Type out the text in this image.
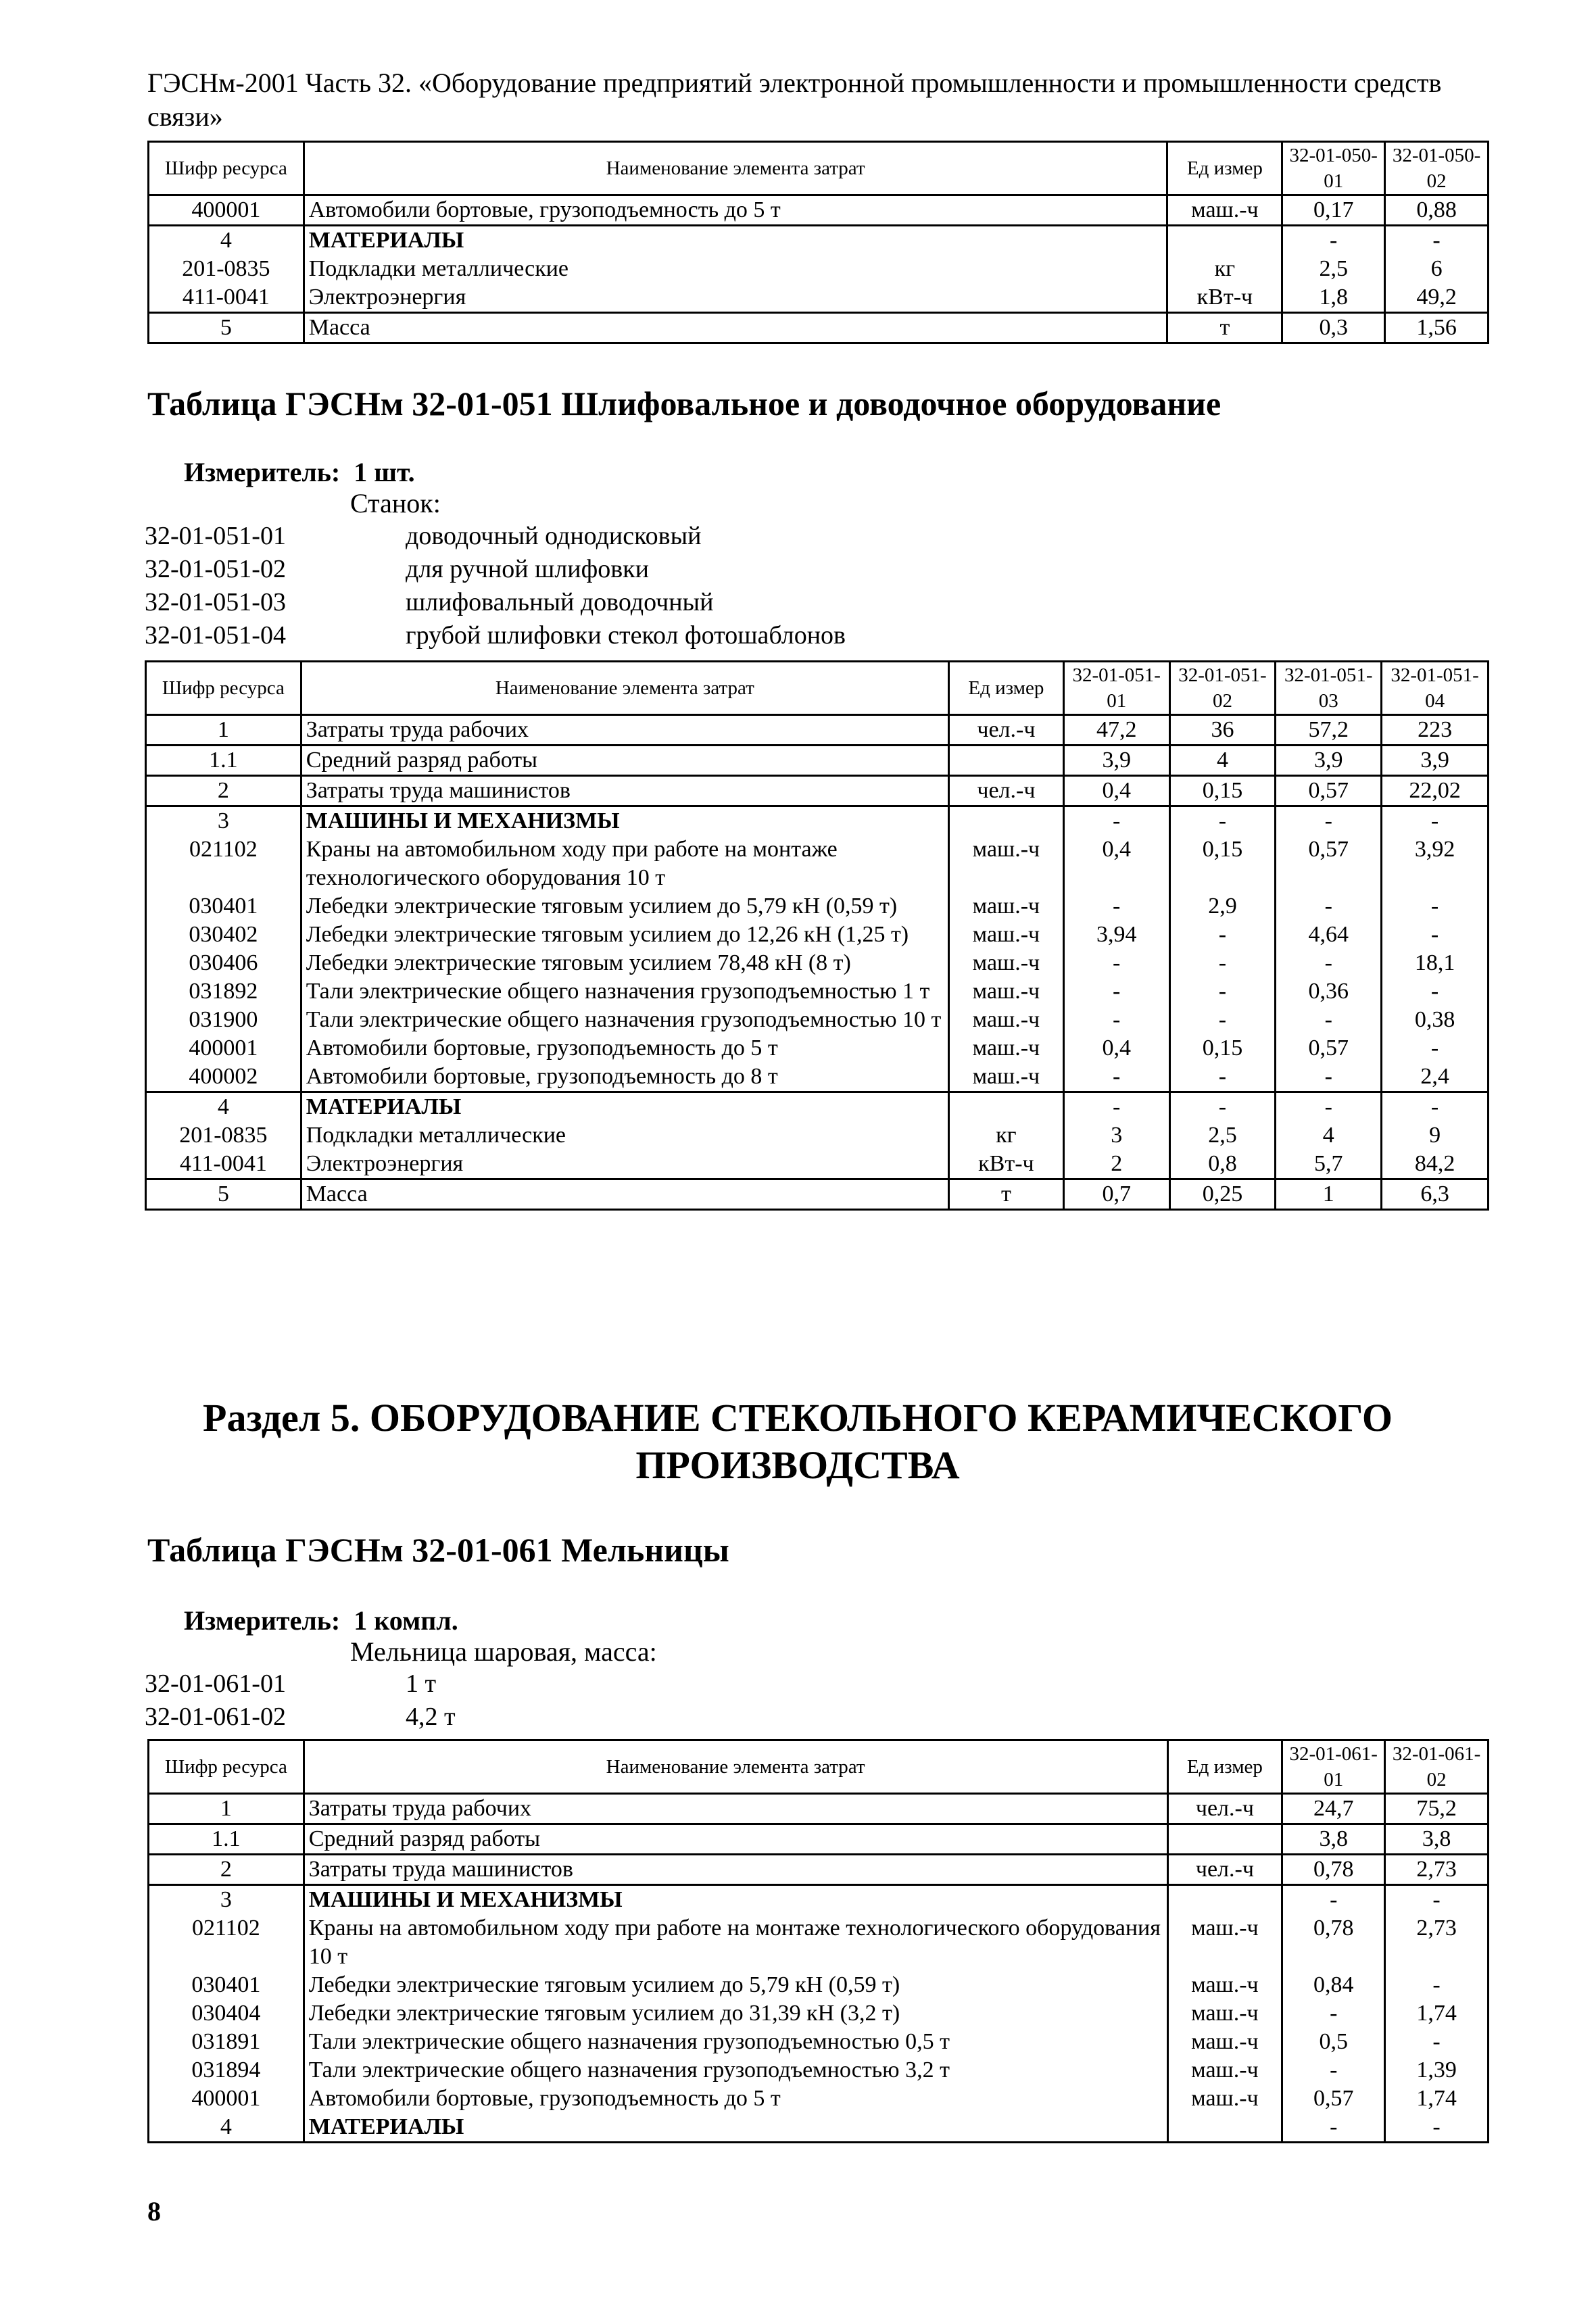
ГЭСНм-2001 Часть 32. «Оборудование предприятий электронной промышленности и промышленности средств связи»
Шифр ресурса	Наименование элемента затрат	Ед измер	32-01-050-01	32-01-050-02
400001	Автомобили бортовые, грузоподъемность до 5 т	маш.-ч	0,17	0,88
4	МАТЕРИАЛЫ		-	-
201-0835	Подкладки металлические	кг	2,5	6
411-0041	Электроэнергия	кВт-ч	1,8	49,2
5	Масса	т	0,3	1,56
Таблица ГЭСНм 32-01-051 Шлифовальное и доводочное оборудование
Измеритель: 1 шт.
Станок:
32-01-051-01	доводочный однодисковый
32-01-051-02	для ручной шлифовки
32-01-051-03	шлифовальный доводочный
32-01-051-04	грубой шлифовки стекол фотошаблонов
Шифр ресурса	Наименование элемента затрат	Ед измер	32-01-051-01	32-01-051-02	32-01-051-03	32-01-051-04
1	Затраты труда рабочих	чел.-ч	47,2	36	57,2	223
1.1	Средний разряд работы		3,9	4	3,9	3,9
2	Затраты труда машинистов	чел.-ч	0,4	0,15	0,57	22,02
3	МАШИНЫ И МЕХАНИЗМЫ		-	-	-	-
021102	Краны на автомобильном ходу при работе на монтаже технологического оборудования 10 т	маш.-ч	0,4	0,15	0,57	3,92
030401	Лебедки электрические тяговым усилием до 5,79 кН (0,59 т)	маш.-ч	-	2,9	-	-
030402	Лебедки электрические тяговым усилием до 12,26 кН (1,25 т)	маш.-ч	3,94	-	4,64	-
030406	Лебедки электрические тяговым усилием 78,48 кН (8 т)	маш.-ч	-	-	-	18,1
031892	Тали электрические общего назначения грузоподъемностью 1 т	маш.-ч	-	-	0,36	-
031900	Тали электрические общего назначения грузоподъемностью 10 т	маш.-ч	-	-	-	0,38
400001	Автомобили бортовые, грузоподъемность до 5 т	маш.-ч	0,4	0,15	0,57	-
400002	Автомобили бортовые, грузоподъемность до 8 т	маш.-ч	-	-	-	2,4
4	МАТЕРИАЛЫ		-	-	-	-
201-0835	Подкладки металлические	кг	3	2,5	4	9
411-0041	Электроэнергия	кВт-ч	2	0,8	5,7	84,2
5	Масса	т	0,7	0,25	1	6,3
Раздел 5. ОБОРУДОВАНИЕ СТЕКОЛЬНОГО КЕРАМИЧЕСКОГО
ПРОИЗВОДСТВА
Таблица ГЭСНм 32-01-061 Мельницы
Измеритель: 1 компл.
Мельница шаровая, масса:
32-01-061-01	1 т
32-01-061-02	4,2 т
Шифр ресурса	Наименование элемента затрат	Ед измер	32-01-061-01	32-01-061-02
1	Затраты труда рабочих	чел.-ч	24,7	75,2
1.1	Средний разряд работы		3,8	3,8
2	Затраты труда машинистов	чел.-ч	0,78	2,73
3	МАШИНЫ И МЕХАНИЗМЫ		-	-
021102	Краны на автомобильном ходу при работе на монтаже технологического оборудования 10 т	маш.-ч	0,78	2,73
030401	Лебедки электрические тяговым усилием до 5,79 кН (0,59 т)	маш.-ч	0,84	-
030404	Лебедки электрические тяговым усилием до 31,39 кН (3,2 т)	маш.-ч	-	1,74
031891	Тали электрические общего назначения грузоподъемностью 0,5 т	маш.-ч	0,5	-
031894	Тали электрические общего назначения грузоподъемностью 3,2 т	маш.-ч	-	1,39
400001	Автомобили бортовые, грузоподъемность до 5 т	маш.-ч	0,57	1,74
4	МАТЕРИАЛЫ		-	-
8
